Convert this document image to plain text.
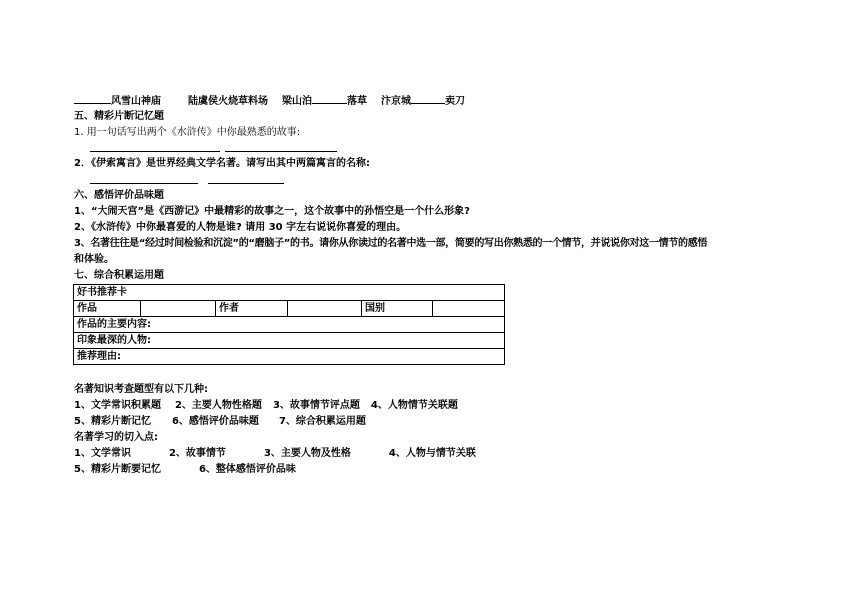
风雪山神庙	陆虞侯火烧草料场 梁山泊	落草 汴京城	卖刀
五、精彩片断记忆题
1. 用一句话写出两个《水浒传》中你最熟悉的故事:
2．《伊索寓言》是世界经典文学名著。请写出其中两篇寓言的名称:
六、感悟评价品味题
1、“大闹天宫”是《西游记》中最精彩的故事之一，这个故事中的孙悟空是一个什么形象?
2、《水浒传》中你最喜爱的人物是谁? 请用 30 字左右说说你喜爱的理由。
3、名著往往是“经过时间检验和沉淀”的“磨脑子”的书。请你从你读过的名著中选一部，简要的写出你熟悉的一个情节，并说说你对这一情节的感悟
和体验。
七、综合积累运用题
好书推荐卡
作品		作者		国别	
作品的主要内容:
印象最深的人物:
推荐理由:
名著知识考查题型有以下几种:
1、文学常识积累题 2、主要人物性格题 3、故事情节评点题 4、人物情节关联题
5、精彩片断记忆 6、感悟评价品味题 7、综合积累运用题
名著学习的切入点:
1、文学常识	2、故事情节	3、主要人物及性格	4、人物与情节关联
5、精彩片断要记忆	6、整体感悟评价品味
